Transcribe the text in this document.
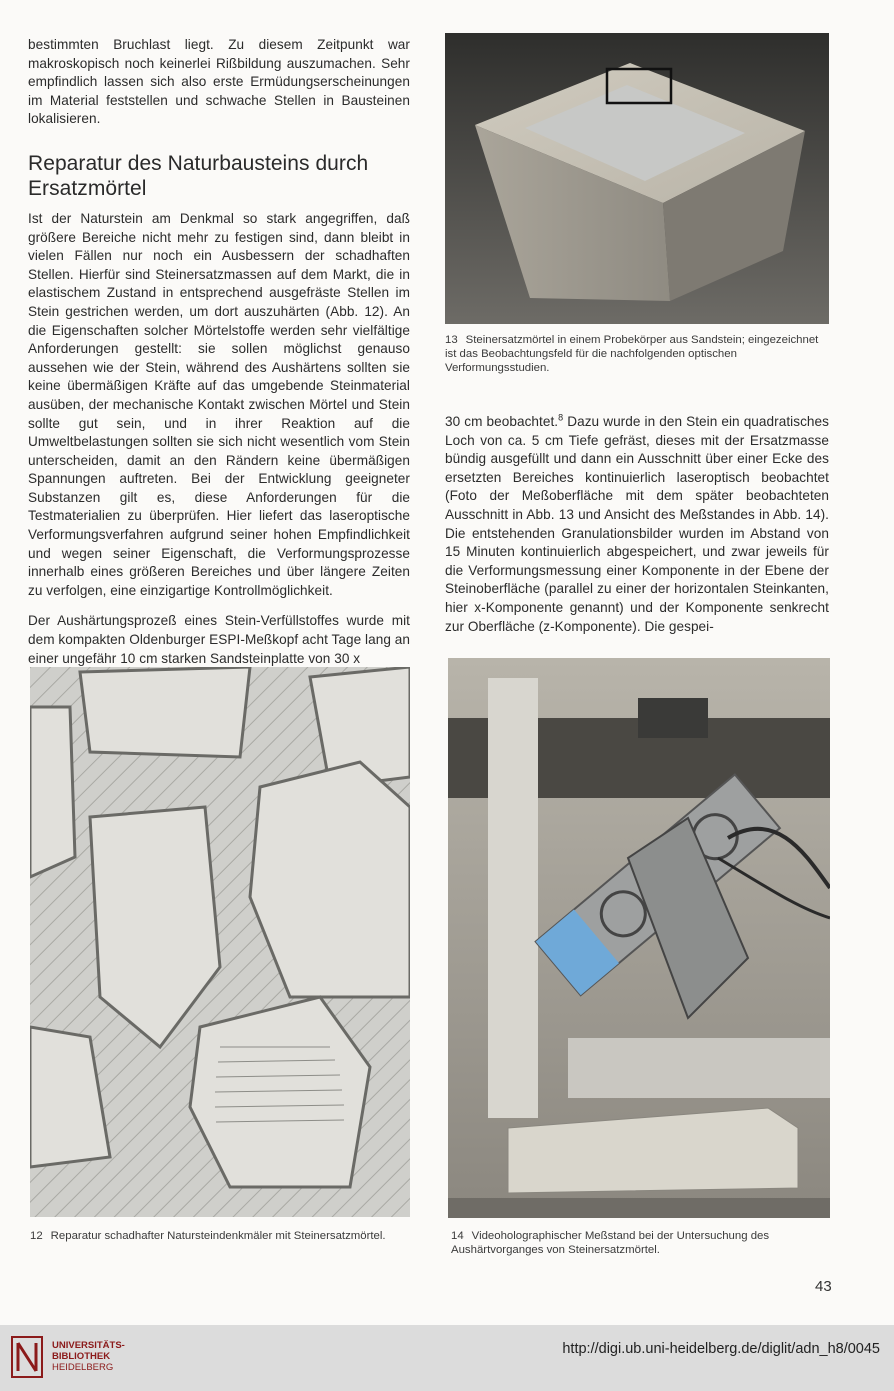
bestimmten Bruchlast liegt. Zu diesem Zeitpunkt war makroskopisch noch keinerlei Rißbildung auszumachen. Sehr empfindlich lassen sich also erste Ermüdungserscheinungen im Material feststellen und schwache Stellen in Bausteinen lokalisieren.

Reparatur des Naturbausteins durch Ersatzmörtel

Ist der Naturstein am Denkmal so stark angegriffen, daß größere Bereiche nicht mehr zu festigen sind, dann bleibt in vielen Fällen nur noch ein Ausbessern der schadhaften Stellen. Hierfür sind Steinersatzmassen auf dem Markt, die in elastischem Zustand in entsprechend ausgefräste Stellen im Stein gestrichen werden, um dort auszuhärten (Abb. 12). An die Eigenschaften solcher Mörtelstoffe werden sehr vielfältige Anforderungen gestellt: sie sollen möglichst genauso aussehen wie der Stein, während des Aushärtens sollten sie keine übermäßigen Kräfte auf das umgebende Steinmaterial ausüben, der mechanische Kontakt zwischen Mörtel und Stein sollte gut sein, und in ihrer Reaktion auf die Umweltbelastungen sollten sie sich nicht wesentlich vom Stein unterscheiden, damit an den Rändern keine übermäßigen Spannungen auftreten. Bei der Entwicklung geeigneter Substanzen gilt es, diese Anforderungen für die Testmaterialien zu überprüfen. Hier liefert das laseroptische Verformungsverfahren aufgrund seiner hohen Empfindlichkeit und wegen seiner Eigenschaft, die Verformungsprozesse innerhalb eines größeren Bereiches und über längere Zeiten zu verfolgen, eine einzigartige Kontrollmöglichkeit.

Der Aushärtungsprozeß eines Stein-Verfüllstoffes wurde mit dem kompakten Oldenburger ESPI-Meßkopf acht Tage lang an einer ungefähr 10 cm starken Sandsteinplatte von 30 x

13 Steinersatzmörtel in einem Probekörper aus Sandstein; eingezeichnet ist das Beobachtungsfeld für die nachfolgenden optischen Verformungsstudien.

30 cm beobachtet.$^8$ Dazu wurde in den Stein ein quadratisches Loch von ca. 5 cm Tiefe gefräst, dieses mit der Ersatzmasse bündig ausgefüllt und dann ein Ausschnitt über einer Ecke des ersetzten Bereiches kontinuierlich laseroptisch beobachtet (Foto der Meßoberfläche mit dem später beobachteten Ausschnitt in Abb. 13 und Ansicht des Meßstandes in Abb. 14). Die entstehenden Granulationsbilder wurden im Abstand von 15 Minuten kontinuierlich abgespeichert, und zwar jeweils für die Verformungsmessung einer Komponente in der Ebene der Steinoberfläche (parallel zu einer der horizontalen Steinkanten, hier x-Komponente genannt) und der Komponente senkrecht zur Oberfläche (z-Komponente). Die gespei-

12 Reparatur schadhafter Natursteindenkmäler mit Steinersatzmörtel.	14 Videoholographischer Meßstand bei der Untersuchung des Aushärtvorganges von Steinersatzmörtel.
43
UNIVERSITÄTS-
BIBLIOTHEK
HEIDELBERG
http://digi.ub.uni-heidelberg.de/diglit/adn_h8/0045
